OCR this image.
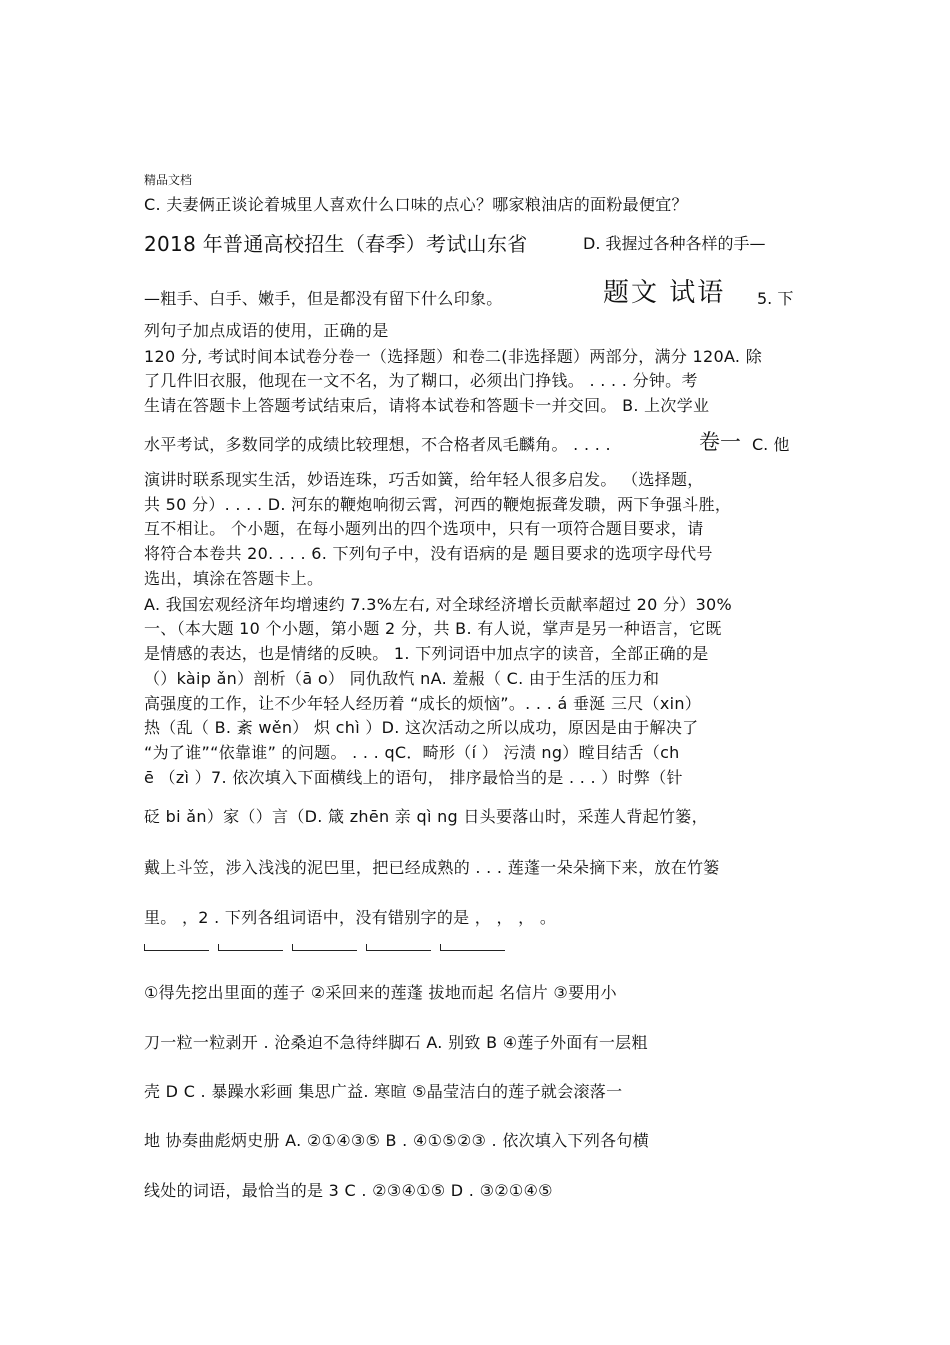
精品文档
C. 夫妻俩正谈论着城里人喜欢什么口味的点心？哪家粮油店的面粉最便宜？
2018 年普通高校招生（春季）考试山东省	D. 我握过各种各样的手—
—粗手、白手、嫩手，但是都没有留下什么印象。	题文 试语 5. 下
列句子加点成语的使用，正确的是
120 分, 考试时间本试卷分卷一（选择题）和卷二(非选择题）两部分，满分 120A. 除
了几件旧衣服，他现在一文不名，为了糊口，必须出门挣钱。 . . . . 分钟。考
生请在答题卡上答题考试结束后，请将本试卷和答题卡一并交回。 B. 上次学业
水平考试，多数同学的成绩比较理想，不合格者凤毛麟角。 . . . .	卷一 C. 他
演讲时联系现实生活，妙语连珠，巧舌如簧，给年轻人很多启发。 （选择题，
共 50 分）. . . . D. 河东的鞭炮响彻云霄，河西的鞭炮振聋发聩，两下争强斗胜，
互不相让。 个小题，在每小题列出的四个选项中，只有一项符合题目要求，请
将符合本卷共 20. . . . 6. 下列句子中，没有语病的是 题目要求的选项字母代号
选出，填涂在答题卡上。
A. 我国宏观经济年均增速约 7.3%左右, 对全球经济增长贡献率超过 20 分）30%
一、（本大题 10 个小题，第小题 2 分，共 B. 有人说，掌声是另一种语言，它既
是情感的表达，也是情绪的反映。 1. 下列词语中加点字的读音，全部正确的是
（）kàip ǎn）剖析（ā o） 同仇敌忾 nA. 羞赧（ C. 由于生活的压力和
高强度的工作，让不少年轻人经历着 “成长的烦恼”。. . . á 垂涎 三尺（xin）
热（乱（ B. 紊 wěn） 炽 chì ）D. 这次活动之所以成功，原因是由于解决了
“为了谁”“依靠谁” 的问题。 . . . qC．畸形（í ） 污渍 ng）瞠目结舌（ch
ē （zì ）7. 依次填入下面横线上的语句， 排序最恰当的是 . . . ）时弊（针
砭 bi ǎn）家（）言（D. 箴 zhēn 亲 qì ng 日头要落山时，采莲人背起竹篓，
戴上斗笠，涉入浅浅的泥巴里，把已经成熟的 . . . 莲蓬一朵朵摘下来，放在竹篓
里。 ，2 . 下列各组词语中，没有错别字的是 ， ， ， 。
①得先挖出里面的莲子 ②采回来的莲蓬 拔地而起 名信片 ③要用小
刀一粒一粒剥开 . 沧桑迫不急待绊脚石 A. 别致 B ④莲子外面有一层粗
壳 D C . 暴躁水彩画 集思广益. 寒暄 ⑤晶莹洁白的莲子就会滚落一
地 协奏曲彪炳史册 A. ②①④③⑤ B . ④①⑤②③ . 依次填入下列各句横
线处的词语，最恰当的是 3 C . ②③④①⑤ D . ③②①④⑤
